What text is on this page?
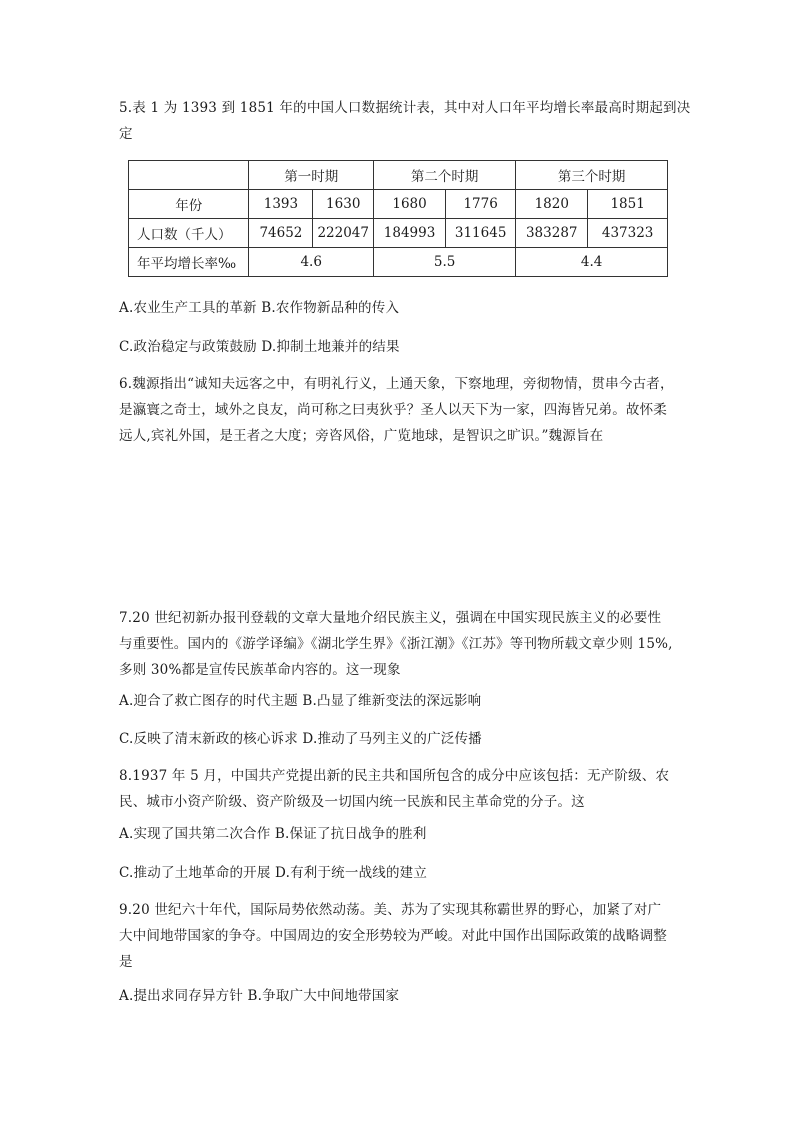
5.表 1 为 1393 到 1851 年的中国人口数据统计表，其中对人口年平均增长率最高时期起到决
定

	第一时期		第二个时期		第三个时期	
年份	1393	1630	1680	1776	1820	1851
人口数（千人）	74652	222047	184993	311645	383287	437323
年平均增长率‰	4.6		5.5		4.4	

A.农业生产工具的革新 B.农作物新品种的传入

C.政治稳定与政策鼓励 D.抑制土地兼并的结果

6.魏源指出“诚知夫远客之中，有明礼行义，上通天象，下察地理，旁彻物情，贯串今古者，
是瀛寰之奇士，域外之良友，尚可称之曰夷狄乎？圣人以天下为一家，四海皆兄弟。故怀柔
远人,宾礼外国，是王者之大度；旁咨风俗，广览地球，是智识之旷识。”魏源旨在

7.20 世纪初新办报刊登载的文章大量地介绍民族主义，强调在中国实现民族主义的必要性
与重要性。国内的《游学译编》《湖北学生界》《浙江潮》《江苏》等刊物所载文章少则 15%,
多则 30%都是宣传民族革命内容的。这一现象

A.迎合了救亡图存的时代主题 B.凸显了维新变法的深远影响

C.反映了清末新政的核心诉求 D.推动了马列主义的广泛传播

8.1937 年 5 月，中国共产党提出新的民主共和国所包含的成分中应该包括：无产阶级、农
民、城市小资产阶级、资产阶级及一切国内统一民族和民主革命党的分子。这

A.实现了国共第二次合作 B.保证了抗日战争的胜利

C.推动了土地革命的开展 D.有利于统一战线的建立

9.20 世纪六十年代，国际局势依然动荡。美、苏为了实现其称霸世界的野心，加紧了对广
大中间地带国家的争夺。中国周边的安全形势较为严峻。对此中国作出国际政策的战略调整
是

A.提出求同存异方针 B.争取广大中间地带国家
